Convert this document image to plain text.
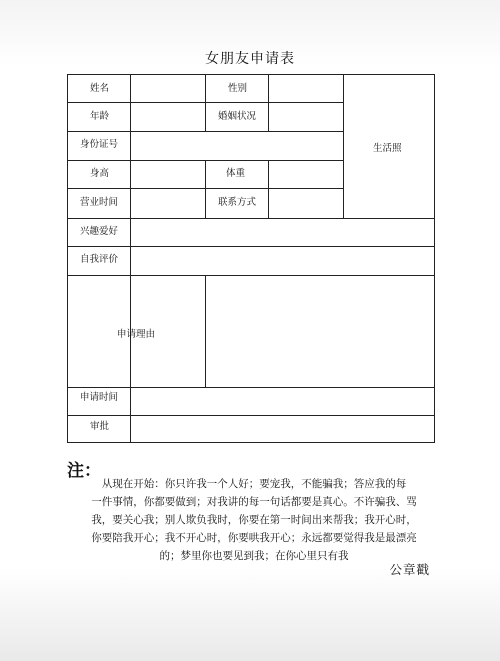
女朋友申请表
姓名	性别
年龄	婚姻状况
身份证号
身高	体重
营业时间	联系方式
兴趣爱好
自我评价
申请理由
申请时间
审批
生活照
注：
从现在开始：你只许我一个人好；要宠我，不能骗我；答应我的每
一件事情，你都要做到；对我讲的每一句话都要是真心。不许骗我、骂
我，要关心我；别人欺负我时，你要在第一时间出来帮我；我开心时，
你要陪我开心；我不开心时，你要哄我开心；永远都要觉得我是最漂亮
的；梦里你也要见到我；在你心里只有我
公章戳
